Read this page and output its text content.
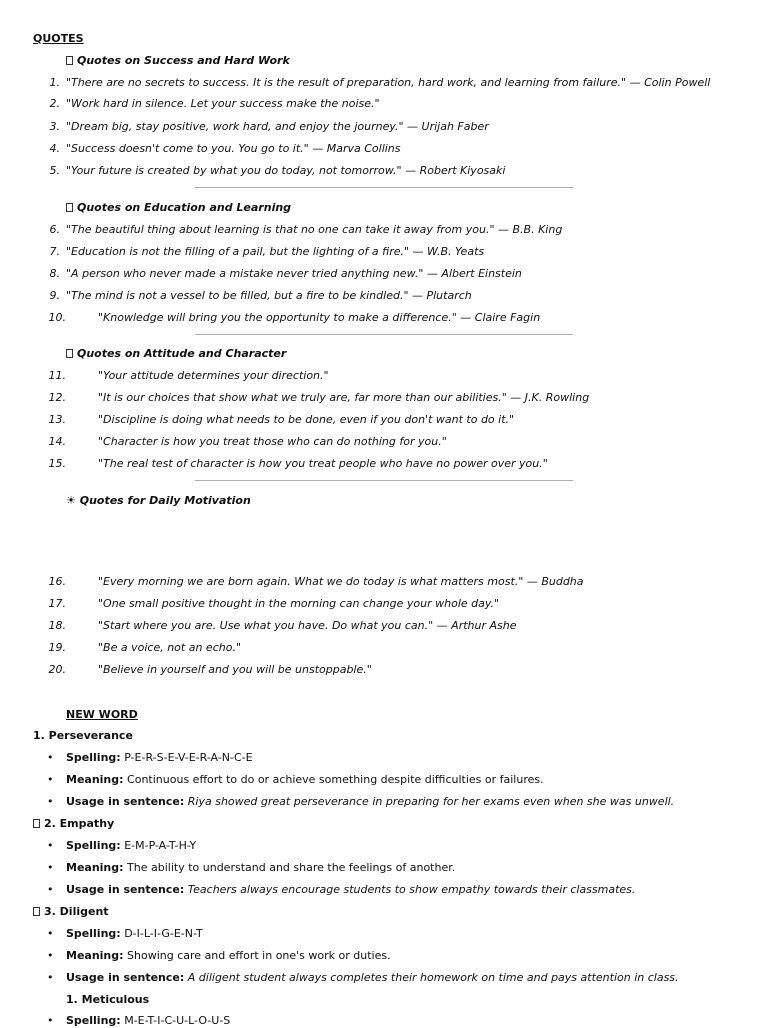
QUOTES
Quotes on Success and Hard Work
1. "There are no secrets to success. It is the result of preparation, hard work, and learning from failure." — Colin Powell
2. "Work hard in silence. Let your success make the noise."
3. "Dream big, stay positive, work hard, and enjoy the journey." — Urijah Faber
4. "Success doesn't come to you. You go to it." — Marva Collins
5. "Your future is created by what you do today, not tomorrow." — Robert Kiyosaki
Quotes on Education and Learning
6. "The beautiful thing about learning is that no one can take it away from you." — B.B. King
7. "Education is not the filling of a pail, but the lighting of a fire." — W.B. Yeats
8. "A person who never made a mistake never tried anything new." — Albert Einstein
9. "The mind is not a vessel to be filled, but a fire to be kindled." — Plutarch
10.	"Knowledge will bring you the opportunity to make a difference." — Claire Fagin
Quotes on Attitude and Character
11.	"Your attitude determines your direction."
12.	"It is our choices that show what we truly are, far more than our abilities." — J.K. Rowling
13.	"Discipline is doing what needs to be done, even if you don't want to do it."
14.	"Character is how you treat those who can do nothing for you."
15.	"The real test of character is how you treat people who have no power over you."
☀ Quotes for Daily Motivation
16.	"Every morning we are born again. What we do today is what matters most." — Buddha
17.	"One small positive thought in the morning can change your whole day."
18.	"Start where you are. Use what you have. Do what you can." — Arthur Ashe
19.	"Be a voice, not an echo."
20.	"Believe in yourself and you will be unstoppable."
NEW WORD
1. Perseverance
• Spelling: P-E-R-S-E-V-E-R-A-N-C-E
• Meaning: Continuous effort to do or achieve something despite difficulties or failures.
• Usage in sentence: Riya showed great perseverance in preparing for her exams even when she was unwell.
2. Empathy
• Spelling: E-M-P-A-T-H-Y
• Meaning: The ability to understand and share the feelings of another.
• Usage in sentence: Teachers always encourage students to show empathy towards their classmates.
3. Diligent
• Spelling: D-I-L-I-G-E-N-T
• Meaning: Showing care and effort in one's work or duties.
• Usage in sentence: A diligent student always completes their homework on time and pays attention in class.
1. Meticulous
• Spelling: M-E-T-I-C-U-L-O-U-S
